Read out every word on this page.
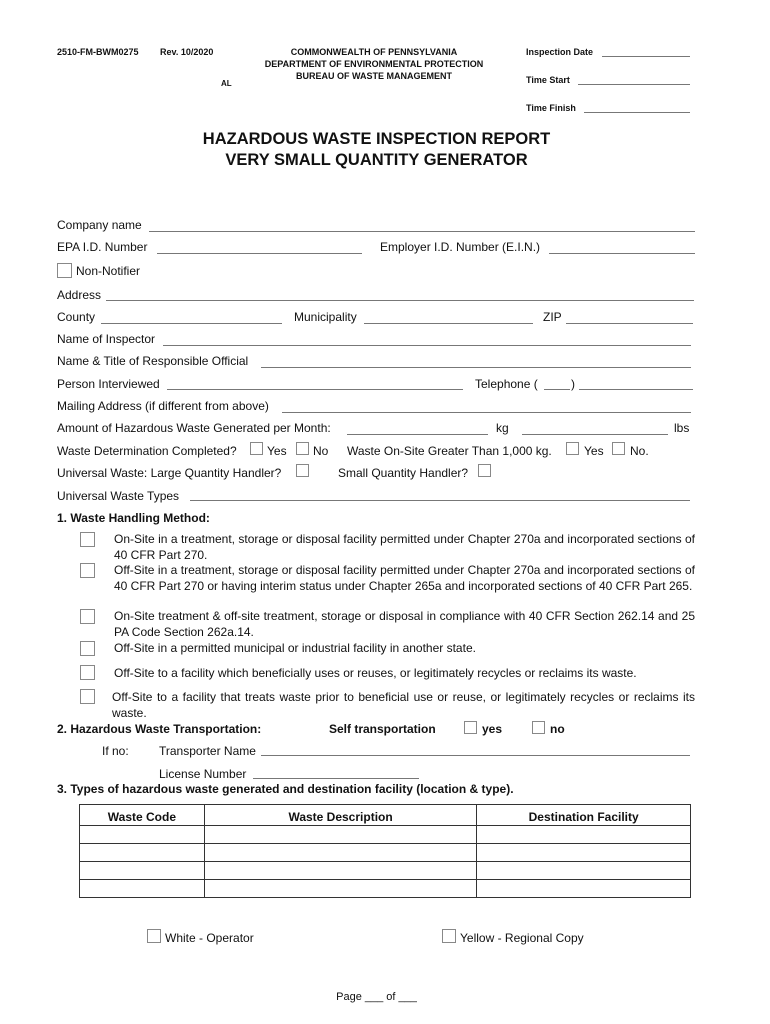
2510-FM-BWM0275 Rev. 10/2020	COMMONWEALTH OF PENNSYLVANIA
DEPARTMENT OF ENVIRONMENTAL PROTECTION
BUREAU OF WASTE MANAGEMENT
AL
Inspection Date
Time Start
Time Finish
HAZARDOUS WASTE INSPECTION REPORT
VERY SMALL QUANTITY GENERATOR
Company name
EPA I.D. Number	Employer I.D. Number (E.I.N.)
Non-Notifier
Address
County	Municipality	ZIP
Name of Inspector
Name & Title of Responsible Official
Person Interviewed	Telephone (	)
Mailing Address (if different from above)
Amount of Hazardous Waste Generated per Month:	kg	lbs
Waste Determination Completed?	Yes No Waste On-Site Greater Than 1,000 kg.	Yes No.
Universal Waste: Large Quantity Handler?	Small Quantity Handler?
Universal Waste Types
1. Waste Handling Method:
On-Site in a treatment, storage or disposal facility permitted under Chapter 270a and incorporated sections of 40 CFR Part 270.
Off-Site in a treatment, storage or disposal facility permitted under Chapter 270a and incorporated sections of 40 CFR Part 270 or having interim status under Chapter 265a and incorporated sections of 40 CFR Part 265.
On-Site treatment & off-site treatment, storage or disposal in compliance with 40 CFR Section 262.14 and 25 PA Code Section 262a.14.
Off-Site in a permitted municipal or industrial facility in another state.
Off-Site to a facility which beneficially uses or reuses, or legitimately recycles or reclaims its waste.
Off-Site to a facility that treats waste prior to beneficial use or reuse, or legitimately recycles or reclaims its waste.
2. Hazardous Waste Transportation:	Self transportation	yes	no
If no:	Transporter Name
License Number
3. Types of hazardous waste generated and destination facility (location & type).
Waste Code	Waste Description	Destination Facility

White - Operator	Yellow - Regional Copy
Page ___ of ___
